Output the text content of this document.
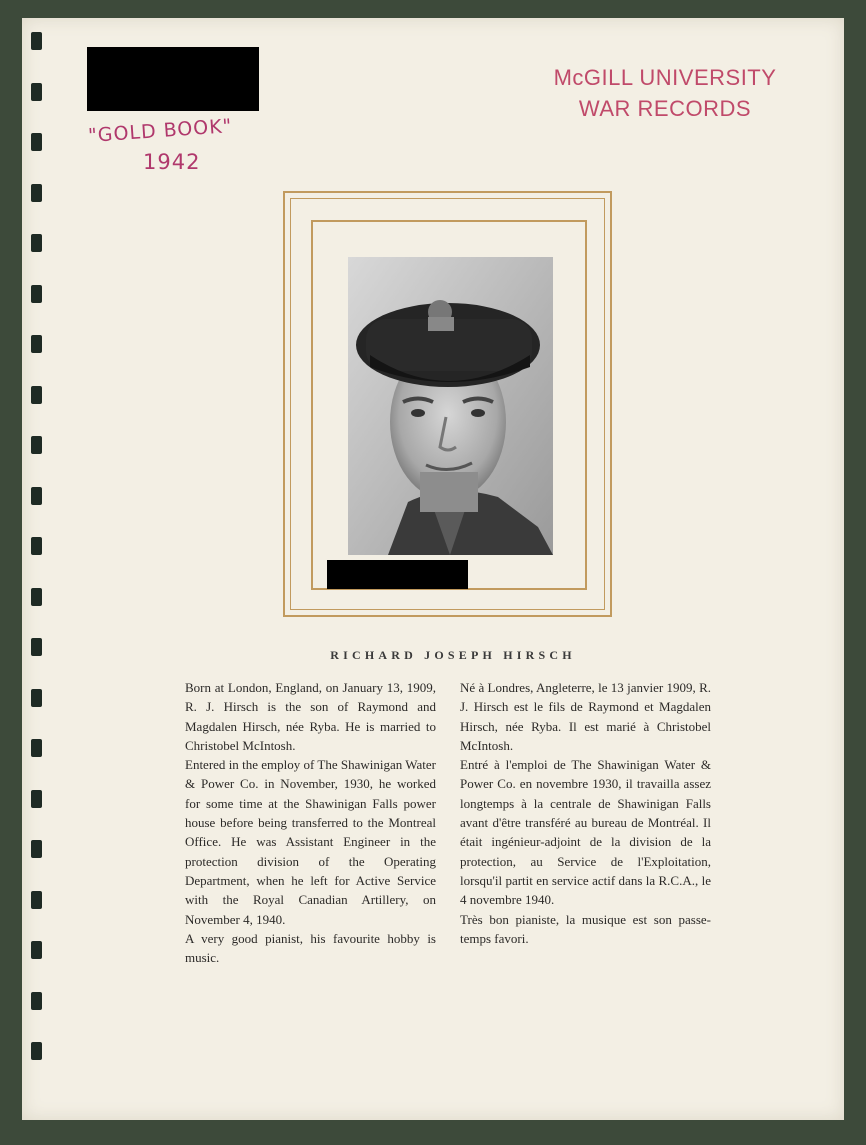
McGILL UNIVERSITY
WAR RECORDS
"GOLD BOOK"
1942
RICHARD JOSEPH HIRSCH

Born at London, England, on January 13, 1909, R. J. Hirsch is the son of Raymond and Magdalen Hirsch, née Ryba. He is married to Christobel McIntosh.

Entered in the employ of The Shawinigan Water & Power Co. in November, 1930, he worked for some time at the Shawinigan Falls power house before being transferred to the Montreal Office. He was Assistant Engineer in the protection division of the Operating Department, when he left for Active Service with the Royal Canadian Artillery, on November 4, 1940.

A very good pianist, his favourite hobby is music.

Né à Londres, Angleterre, le 13 janvier 1909, R. J. Hirsch est le fils de Raymond et Magdalen Hirsch, née Ryba. Il est marié à Christobel McIntosh.

Entré à l'emploi de The Shawinigan Water & Power Co. en novembre 1930, il travailla assez longtemps à la centrale de Shawinigan Falls avant d'être transféré au bureau de Montréal. Il était ingénieur-adjoint de la division de la protection, au Service de l'Exploitation, lorsqu'il partit en service actif dans la R.C.A., le 4 novembre 1940.

Très bon pianiste, la musique est son passe-temps favori.
